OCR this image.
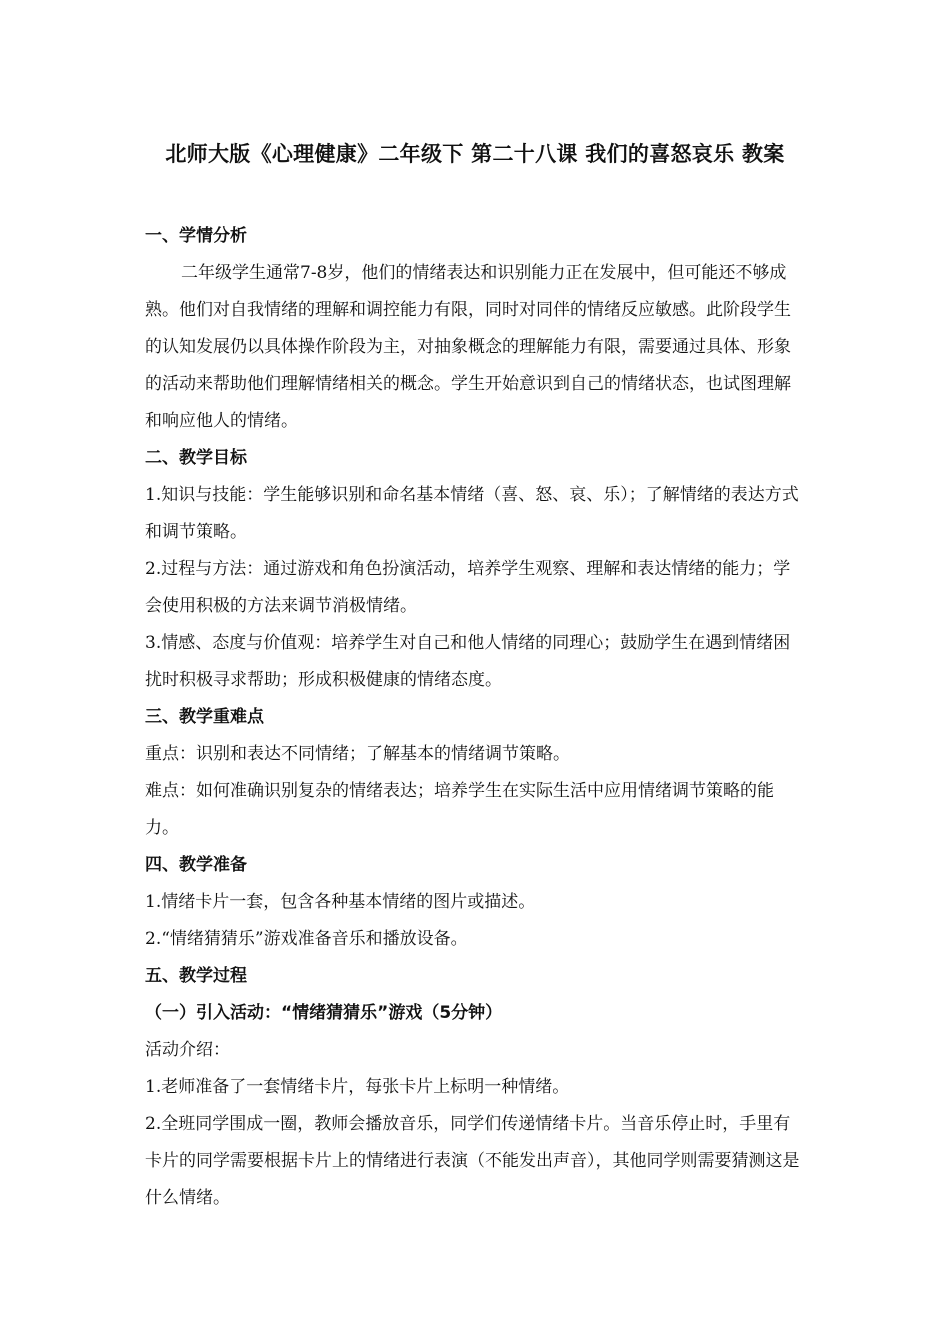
北师大版《心理健康》二年级下 第二十八课 我们的喜怒哀乐 教案

一、学情分析

二年级学生通常7-8岁，他们的情绪表达和识别能力正在发展中，但可能还不够成熟。他们对自我情绪的理解和调控能力有限，同时对同伴的情绪反应敏感。此阶段学生的认知发展仍以具体操作阶段为主，对抽象概念的理解能力有限，需要通过具体、形象的活动来帮助他们理解情绪相关的概念。学生开始意识到自己的情绪状态，也试图理解和响应他人的情绪。

二、教学目标

1.知识与技能：学生能够识别和命名基本情绪（喜、怒、哀、乐）；了解情绪的表达方式和调节策略。

2.过程与方法：通过游戏和角色扮演活动，培养学生观察、理解和表达情绪的能力；学会使用积极的方法来调节消极情绪。

3.情感、态度与价值观：培养学生对自己和他人情绪的同理心；鼓励学生在遇到情绪困扰时积极寻求帮助；形成积极健康的情绪态度。

三、教学重难点

重点：识别和表达不同情绪；了解基本的情绪调节策略。

难点：如何准确识别复杂的情绪表达；培养学生在实际生活中应用情绪调节策略的能力。

四、教学准备

1.情绪卡片一套，包含各种基本情绪的图片或描述。

2.“情绪猜猜乐”游戏准备音乐和播放设备。

五、教学过程

（一）引入活动：“情绪猜猜乐”游戏（5分钟）

活动介绍：

1.老师准备了一套情绪卡片，每张卡片上标明一种情绪。

2.全班同学围成一圈，教师会播放音乐，同学们传递情绪卡片。当音乐停止时，手里有卡片的同学需要根据卡片上的情绪进行表演（不能发出声音），其他同学则需要猜测这是什么情绪。
